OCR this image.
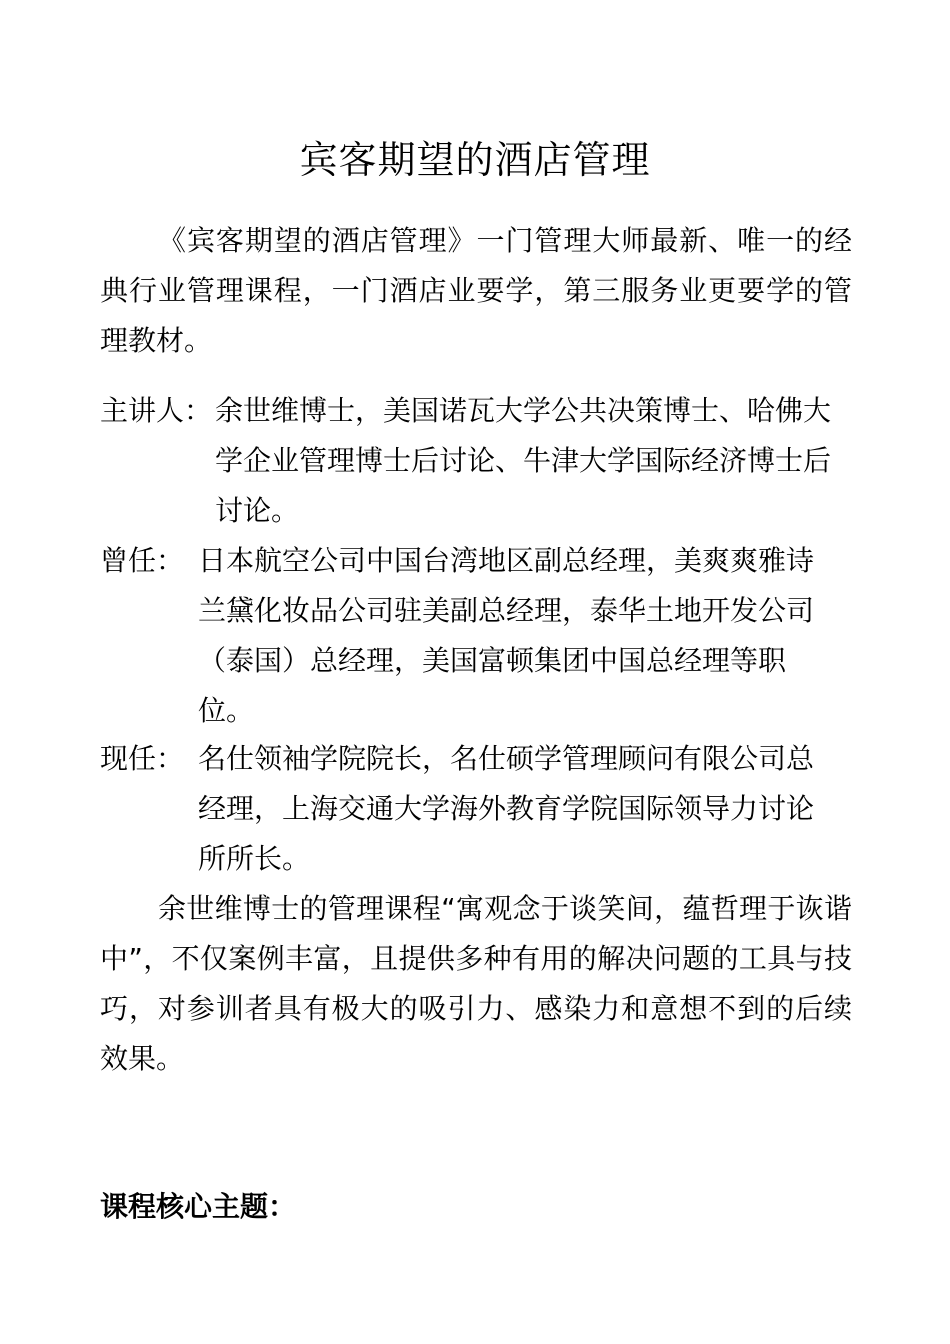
宾客期望的酒店管理
《宾客期望的酒店管理》一门管理大师最新、唯一的经典行业管理课程，一门酒店业要学，第三服务业更要学的管理教材。
主讲人： 余世维博士，美国诺瓦大学公共决策博士、哈佛大学企业管理博士后讨论、牛津大学国际经济博士后讨论。
曾任： 日本航空公司中国台湾地区副总经理，美爽爽雅诗兰黛化妆品公司驻美副总经理，泰华土地开发公司（泰国）总经理，美国富顿集团中国总经理等职位。
现任： 名仕领袖学院院长，名仕硕学管理顾问有限公司总经理，上海交通大学海外教育学院国际领导力讨论所所长。
余世维博士的管理课程“寓观念于谈笑间，蕴哲理于诙谐中”，不仅案例丰富，且提供多种有用的解决问题的工具与技巧，对参训者具有极大的吸引力、感染力和意想不到的后续效果。
课程核心主题：
